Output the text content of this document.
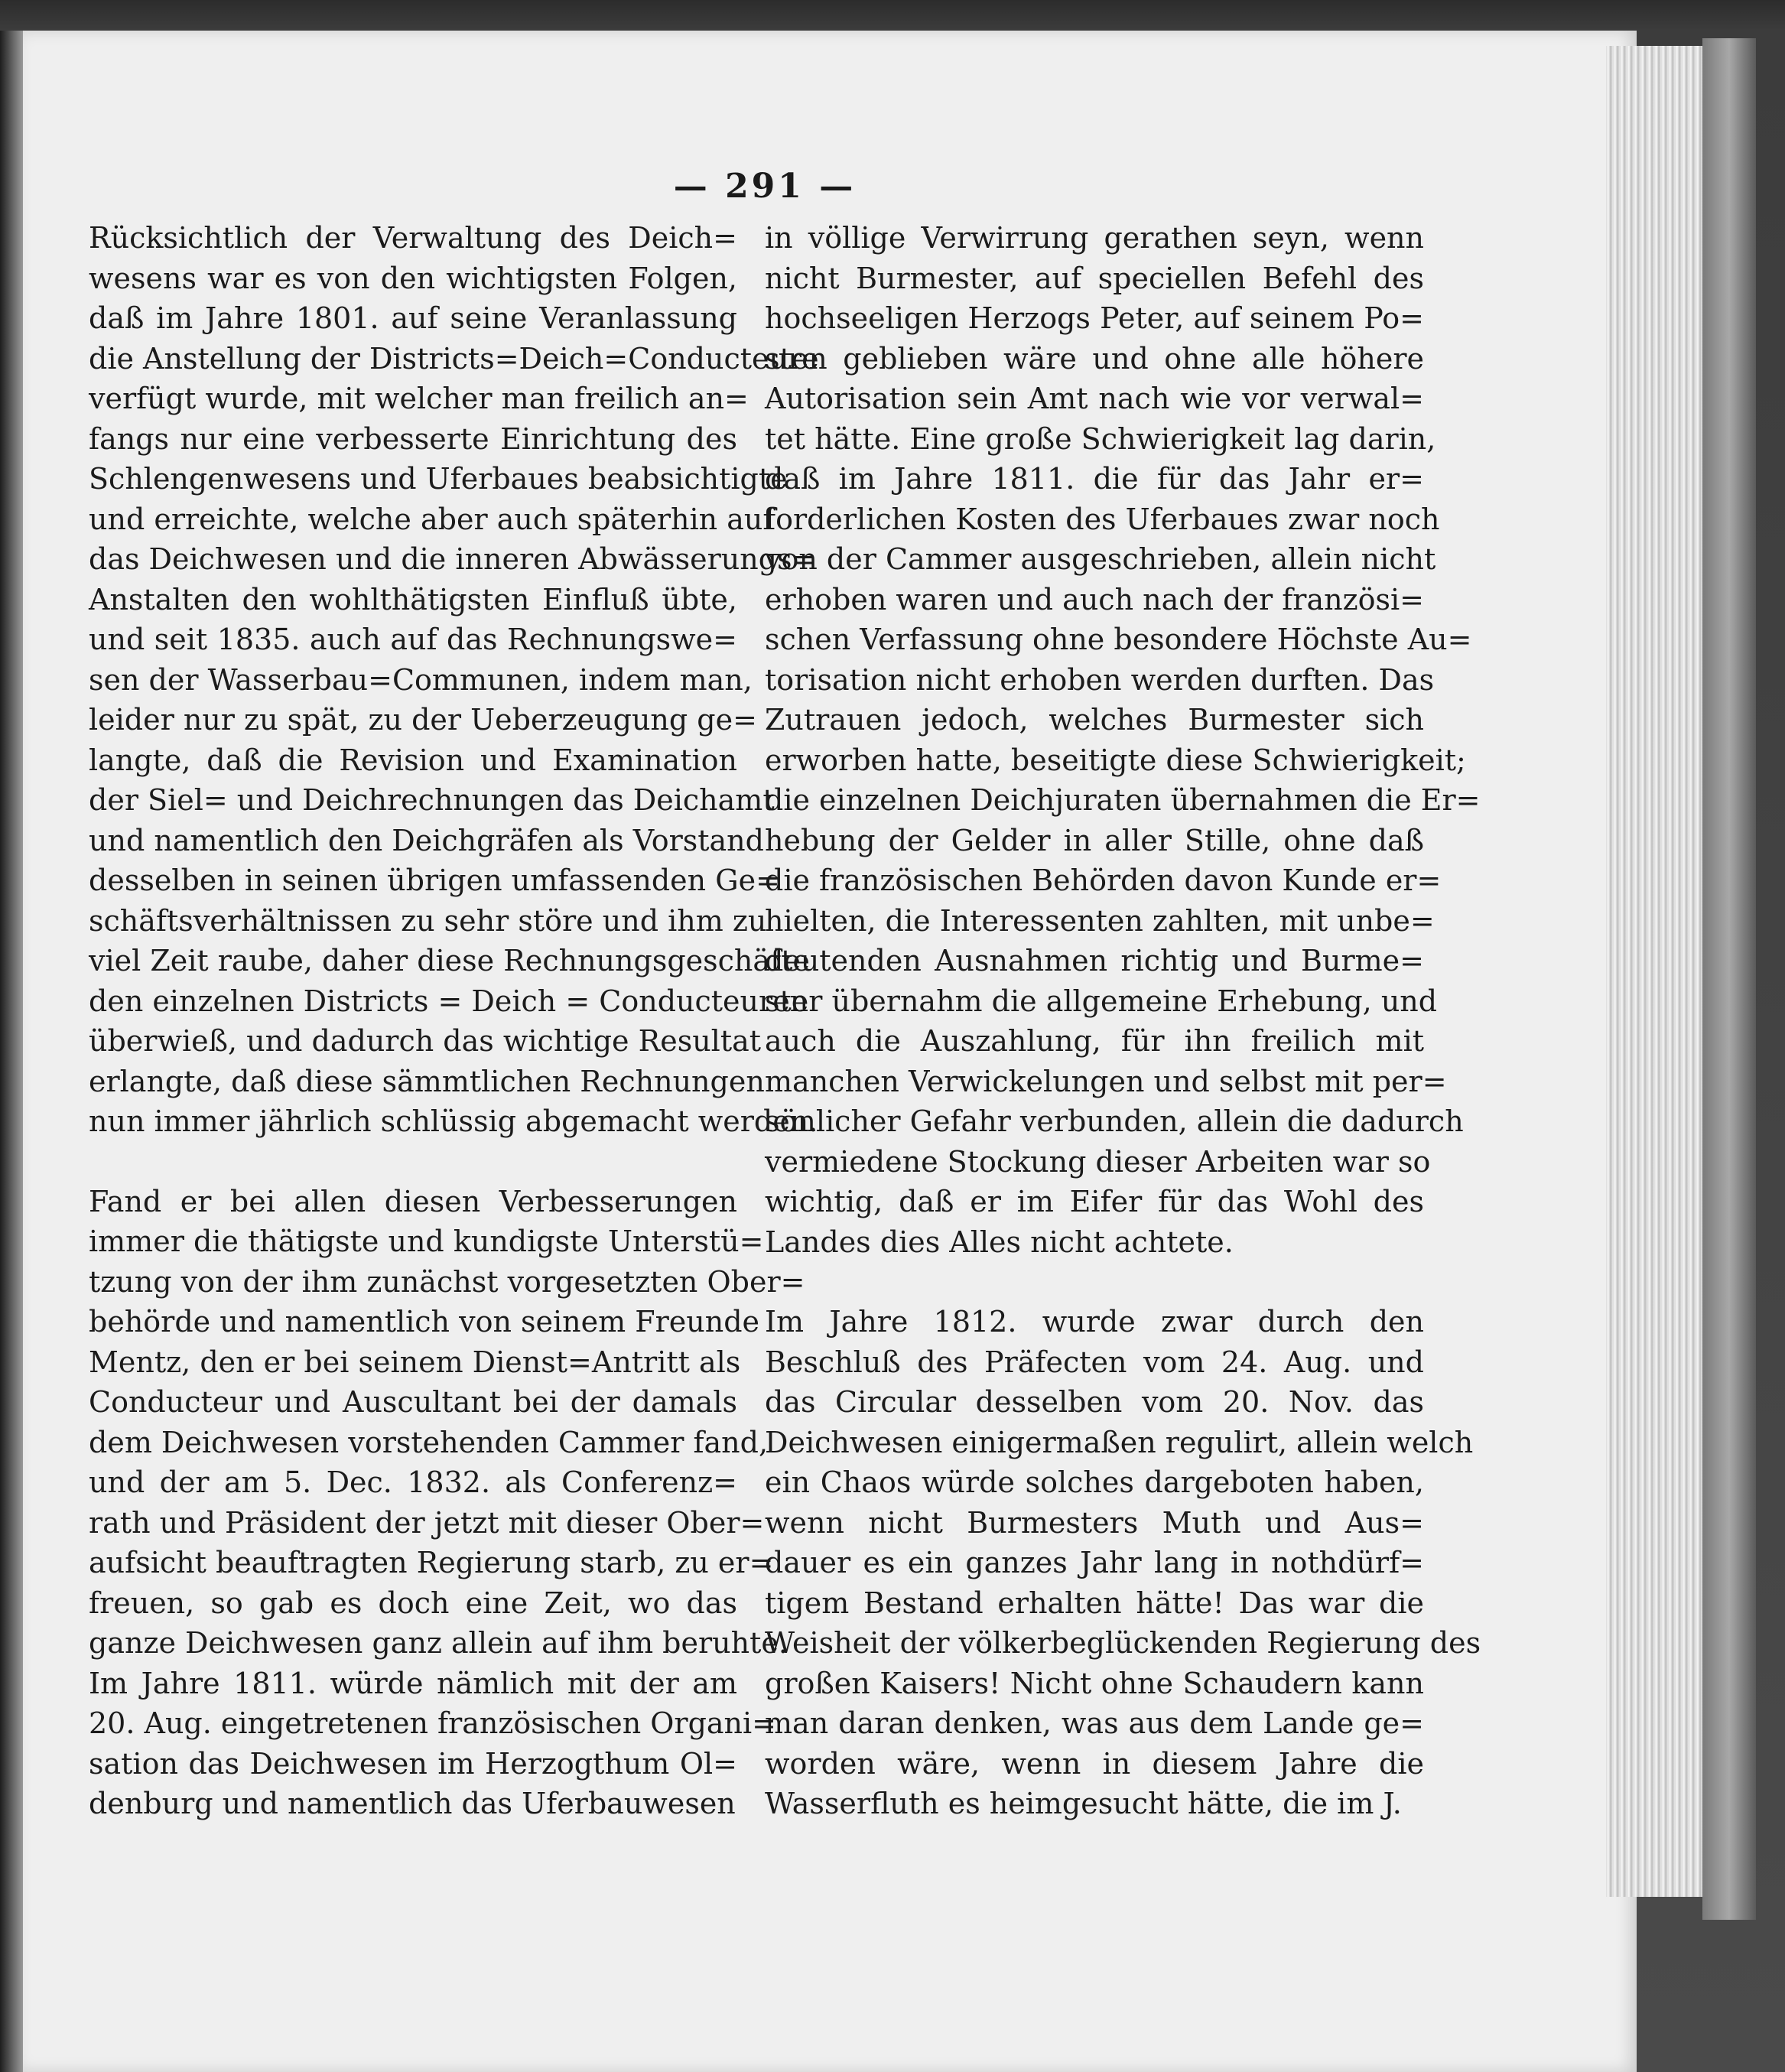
— 291 —
Rücksichtlich der Verwaltung des Deich=
wesens war es von den wichtigsten Folgen,
daß im Jahre 1801. auf seine Veranlassung
die Anstellung der Districts=Deich=Conducteure
verfügt wurde, mit welcher man freilich an=
fangs nur eine verbesserte Einrichtung des
Schlengenwesens und Uferbaues beabsichtigte
und erreichte, welche aber auch späterhin auf
das Deichwesen und die inneren Abwässerungs=
Anstalten den wohlthätigsten Einfluß übte,
und seit 1835. auch auf das Rechnungswe=
sen der Wasserbau=Communen, indem man,
leider nur zu spät, zu der Ueberzeugung ge=
langte, daß die Revision und Examination
der Siel= und Deichrechnungen das Deichamt
und namentlich den Deichgräfen als Vorstand
desselben in seinen übrigen umfassenden Ge=
schäftsverhältnissen zu sehr störe und ihm zu
viel Zeit raube, daher diese Rechnungsgeschäfte
den einzelnen Districts = Deich = Conducteuren
überwieß, und dadurch das wichtige Resultat
erlangte, daß diese sämmtlichen Rechnungen
nun immer jährlich schlüssig abgemacht werden.
Fand er bei allen diesen Verbesserungen
immer die thätigste und kundigste Unterstü=
tzung von der ihm zunächst vorgesetzten Ober=
behörde und namentlich von seinem Freunde
Mentz, den er bei seinem Dienst=Antritt als
Conducteur und Auscultant bei der damals
dem Deichwesen vorstehenden Cammer fand,
und der am 5. Dec. 1832. als Conferenz=
rath und Präsident der jetzt mit dieser Ober=
aufsicht beauftragten Regierung starb, zu er=
freuen, so gab es doch eine Zeit, wo das
ganze Deichwesen ganz allein auf ihm beruhte.
Im Jahre 1811. würde nämlich mit der am
20. Aug. eingetretenen französischen Organi=
sation das Deichwesen im Herzogthum Ol=
denburg und namentlich das Uferbauwesen
in völlige Verwirrung gerathen seyn, wenn
nicht Burmester, auf speciellen Befehl des
hochseeligen Herzogs Peter, auf seinem Po=
sten geblieben wäre und ohne alle höhere
Autorisation sein Amt nach wie vor verwal=
tet hätte. Eine große Schwierigkeit lag darin,
daß im Jahre 1811. die für das Jahr er=
forderlichen Kosten des Uferbaues zwar noch
von der Cammer ausgeschrieben, allein nicht
erhoben waren und auch nach der französi=
schen Verfassung ohne besondere Höchste Au=
torisation nicht erhoben werden durften. Das
Zutrauen jedoch, welches Burmester sich
erworben hatte, beseitigte diese Schwierigkeit;
die einzelnen Deichjuraten übernahmen die Er=
hebung der Gelder in aller Stille, ohne daß
die französischen Behörden davon Kunde er=
hielten, die Interessenten zahlten, mit unbe=
deutenden Ausnahmen richtig und Burme=
ster übernahm die allgemeine Erhebung, und
auch die Auszahlung, für ihn freilich mit
manchen Verwickelungen und selbst mit per=
sönlicher Gefahr verbunden, allein die dadurch
vermiedene Stockung dieser Arbeiten war so
wichtig, daß er im Eifer für das Wohl des
Landes dies Alles nicht achtete.
Im Jahre 1812. wurde zwar durch den
Beschluß des Präfecten vom 24. Aug. und
das Circular desselben vom 20. Nov. das
Deichwesen einigermaßen regulirt, allein welch
ein Chaos würde solches dargeboten haben,
wenn nicht Burmesters Muth und Aus=
dauer es ein ganzes Jahr lang in nothdürf=
tigem Bestand erhalten hätte! Das war die
Weisheit der völkerbeglückenden Regierung des
großen Kaisers! Nicht ohne Schaudern kann
man daran denken, was aus dem Lande ge=
worden wäre, wenn in diesem Jahre die
Wasserfluth es heimgesucht hätte, die im J.
